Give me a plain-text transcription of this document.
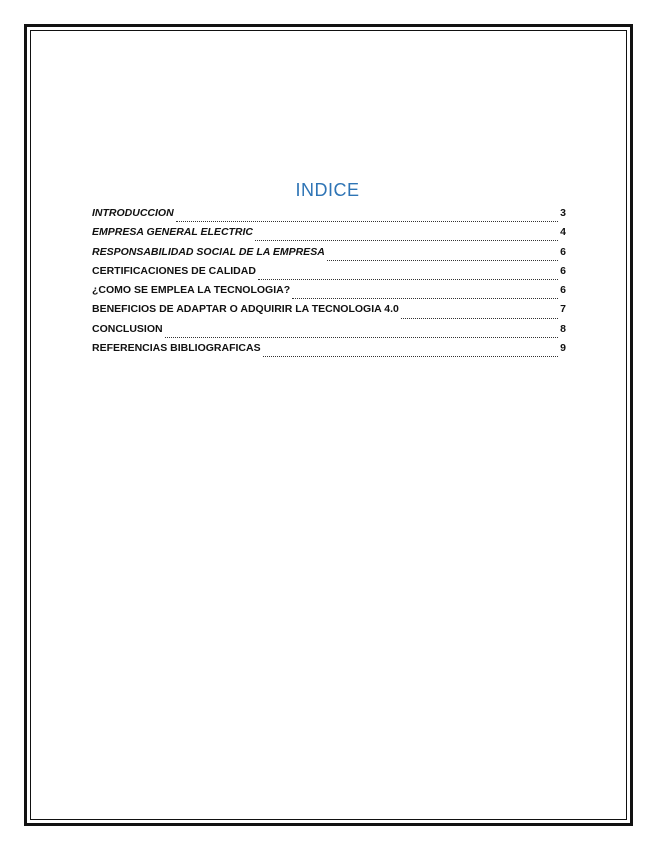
INDICE
INTRODUCCION	3
EMPRESA GENERAL ELECTRIC	4
RESPONSABILIDAD SOCIAL DE LA EMPRESA	6
CERTIFICACIONES DE CALIDAD	6
¿COMO SE EMPLEA LA TECNOLOGIA?	6
BENEFICIOS DE ADAPTAR O ADQUIRIR LA TECNOLOGIA 4.0	7
CONCLUSION	8
REFERENCIAS BIBLIOGRAFICAS	9
